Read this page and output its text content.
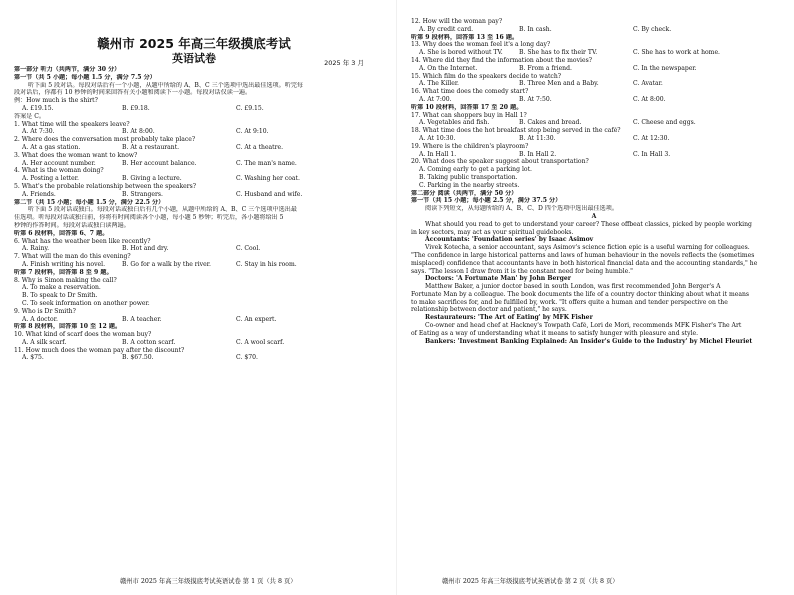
赣州市 2025 年高三年级摸底考试
英语试卷	2025 年 3 月
第一部分 听力（共两节，满分 30 分）
第一节（共 5 小题；每小题 1.5 分，满分 7.5 分）
听下面 5 段对话。每段对话后有一个小题，从题中所给的 A、B、C 三个选项中选出最佳选项。听完每
段对话后，你都有 10 秒钟的时间来回答有关小题和阅读下一小题。每段对话仅读一遍。
例：How much is the shirt?
A. £19.15.	B. £9.18.	C. £9.15.
答案是 C。
1. What time will the speakers leave?
A. At 7:30.	B. At 8:00.	C. At 9:10.
2. Where does the conversation most probably take place?
A. At a gas station.	B. At a restaurant.	C. At a theatre.
3. What does the woman want to know?
A. Her account number.	B. Her account balance.	C. The man's name.
4. What is the woman doing?
A. Posting a letter.	B. Giving a lecture.	C. Washing her coat.
5. What's the probable relationship between the speakers?
A. Friends.	B. Strangers.	C. Husband and wife.
第二节（共 15 小题；每小题 1.5 分，满分 22.5 分）
听下面 5 段对话或独白。每段对话或独白后有几个小题，从题中所给的 A、B、C 三个选项中选出最
佳选项。听每段对话或独白前，你将有时间阅读各个小题，每小题 5 秒钟；听完后，各小题将给出 5
秒钟的作答时间。每段对话或独白读两遍。
听第 6 段材料，回答第 6、7 题。
6. What has the weather been like recently?
A. Rainy.	B. Hot and dry.	C. Cool.
7. What will the man do this evening?
A. Finish writing his novel.	B. Go for a walk by the river.	C. Stay in his room.
听第 7 段材料，回答第 8 至 9 题。
8. Why is Simon making the call?
A. To make a reservation.
B. To speak to Dr Smith.
C. To seek information on another power.
9. Who is Dr Smith?
A. A doctor.	B. A teacher.	C. An expert.
听第 8 段材料，回答第 10 至 12 题。
10. What kind of scarf does the woman buy?
A. A silk scarf.	B. A cotton scarf.	C. A wool scarf.
11. How much does the woman pay after the discount?
A. $75.	B. $67.50.	C. $70.
赣州市 2025 年高三年级摸底考试英语试卷 第 1 页（共 8 页）
12. How will the woman pay?
A. By credit card.	B. In cash.	C. By check.
听第 9 段材料，回答第 13 至 16 题。
13. Why does the woman feel it's a long day?
A. She is bored without TV.	B. She has to fix their TV.	C. She has to work at home.
14. Where did they find the information about the movies?
A. On the Internet.	B. From a friend.	C. In the newspaper.
15. Which film do the speakers decide to watch?
A. The Killer.	B. Three Men and a Baby.	C. Avatar.
16. What time does the comedy start?
A. At 7:00.	B. At 7:50.	C. At 8:00.
听第 10 段材料，回答第 17 至 20 题。
17. What can shoppers buy in Hall 1?
A. Vegetables and fish.	B. Cakes and bread.	C. Cheese and eggs.
18. What time does the hot breakfast stop being served in the café?
A. At 10:30.	B. At 11:30.	C. At 12:30.
19. Where is the children's playroom?
A. In Hall 1.	B. In Hall 2.	C. In Hall 3.
20. What does the speaker suggest about transportation?
A. Coming early to get a parking lot.
B. Taking public transportation.
C. Parking in the nearby streets.
第二部分 阅读（共两节，满分 50 分）
第一节（共 15 小题；每小题 2.5 分，满分 37.5 分）
阅读下列短文，从每题所给的 A、B、C、D 四个选项中选出最佳选项。
A
What should you read to get to understand your career? These offbeat classics, picked by people working
in key sectors, may act as your spiritual guidebooks.
Accountants: 'Foundation series' by Isaac Asimov
Vivek Kotecha, a senior accountant, says Asimov's science fiction epic is a useful warning for colleagues.
"The confidence in large historical patterns and laws of human behaviour in the novels reflects the (sometimes
misplaced) confidence that accountants have in both historical financial data and the accounting standards," he
says. "The lesson I draw from it is the constant need for being humble."
Doctors: 'A Fortunate Man' by John Berger
Matthew Baker, a junior doctor based in south London, was first recommended John Berger's A
Fortunate Man by a colleague. The book documents the life of a country doctor thinking about what it means
to make sacrifices for, and be fulfilled by, work. "It offers quite a human and tender perspective on the
relationship between doctor and patient," he says.
Restaurateurs: 'The Art of Eating' by MFK Fisher
Co-owner and head chef at Hackney's Towpath Café, Lori de Mori, recommends MFK Fisher's The Art
of Eating as a way of understanding what it means to satisfy hunger with pleasure and style.
Bankers: 'Investment Banking Explained: An Insider's Guide to the Industry' by Michel Fleuriet
赣州市 2025 年高三年级摸底考试英语试卷 第 2 页（共 8 页）
